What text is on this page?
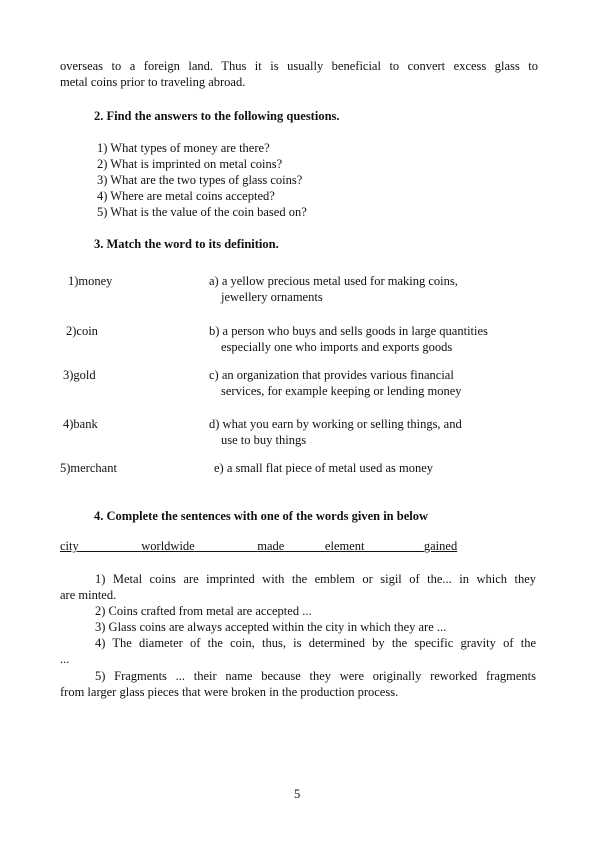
overseas to a foreign land. Thus it is usually beneficial to convert excess glass to
metal coins prior to traveling abroad.
2. Find the answers to the following questions.
1) What types of money are there?
2) What is imprinted on metal coins?
3) What are the two types of glass coins?
4) Where are metal coins accepted?
5) What is the value of the coin based on?
3. Match the word to its definition.
1)money	a) a yellow precious metal used for making coins,
jewellery ornaments
2)coin	b) a person who buys and sells goods in large quantities
especially one who imports and exports goods
3)gold	c) an organization that provides various financial
services, for example keeping or lending money
4)bank	d) what you earn by working or selling things, and
use to buy things
5)merchant	e) a small flat piece of metal used as money
4. Complete the sentences with one of the words given in below
city	worldwide	made	element	gained
1) Metal coins are imprinted with the emblem or sigil of the... in which they
are minted.
2) Coins crafted from metal are accepted ...
3) Glass coins are always accepted within the city in which they are ...
4) The diameter of the coin, thus, is determined by the specific gravity of the
...
5) Fragments ... their name because they were originally reworked fragments
from larger glass pieces that were broken in the production process.
5
